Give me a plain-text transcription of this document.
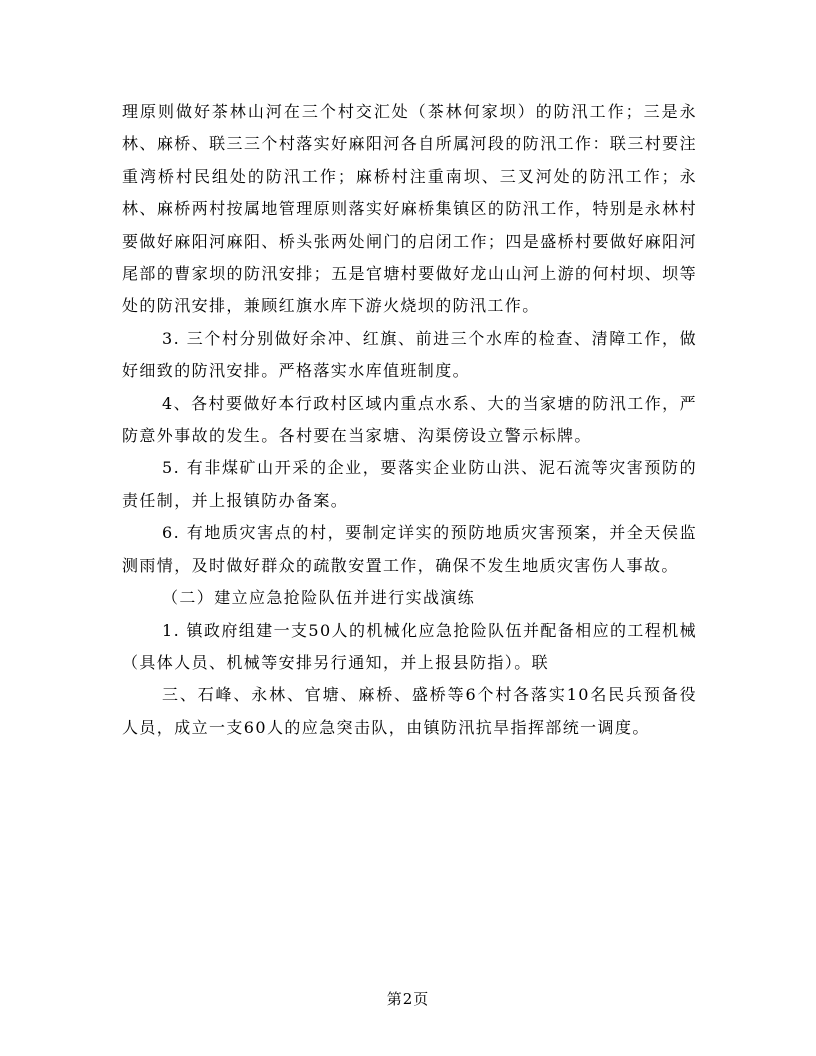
理原则做好茶林山河在三个村交汇处（茶林何家坝）的防汛工作；三是永林、麻桥、联三三个村落实好麻阳河各自所属河段的防汛工作：联三村要注重湾桥村民组处的防汛工作；麻桥村注重南坝、三叉河处的防汛工作；永林、麻桥两村按属地管理原则落实好麻桥集镇区的防汛工作，特别是永林村要做好麻阳河麻阳、桥头张两处闸门的启闭工作；四是盛桥村要做好麻阳河尾部的曹家坝的防汛安排；五是官塘村要做好龙山山河上游的何村坝、坝等处的防汛安排，兼顾红旗水库下游火烧坝的防汛工作。

3. 三个村分别做好余冲、红旗、前进三个水库的检查、清障工作，做好细致的防汛安排。严格落实水库值班制度。

4、各村要做好本行政村区域内重点水系、大的当家塘的防汛工作，严防意外事故的发生。各村要在当家塘、沟渠傍设立警示标牌。

5. 有非煤矿山开采的企业，要落实企业防山洪、泥石流等灾害预防的责任制，并上报镇防办备案。

6. 有地质灾害点的村，要制定详实的预防地质灾害预案，并全天侯监测雨情，及时做好群众的疏散安置工作，确保不发生地质灾害伤人事故。

（二）建立应急抢险队伍并进行实战演练

1. 镇政府组建一支50人的机械化应急抢险队伍并配备相应的工程机械（具体人员、机械等安排另行通知，并上报县防指）。联

三、石峰、永林、官塘、麻桥、盛桥等6个村各落实10名民兵预备役人员，成立一支60人的应急突击队，由镇防汛抗旱指挥部统一调度。

第2页
